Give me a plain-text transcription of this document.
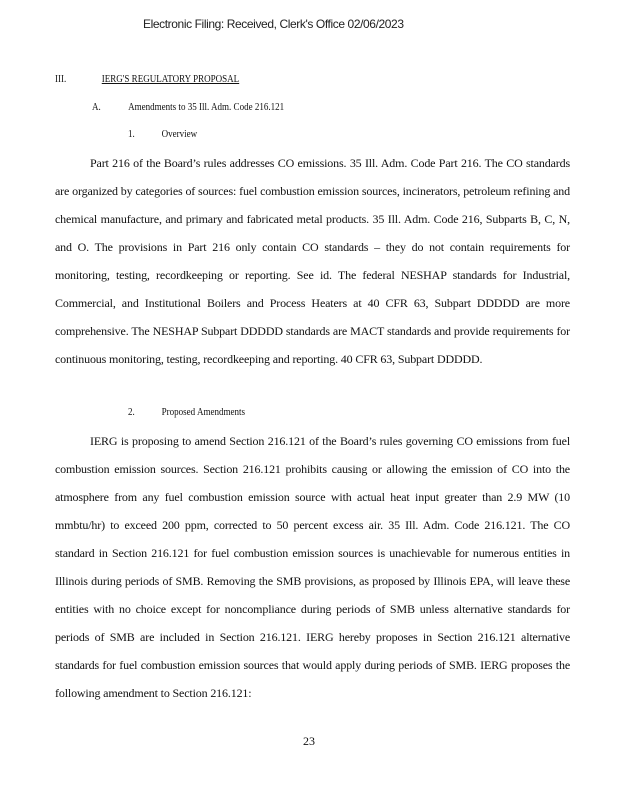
Electronic Filing: Received, Clerk's Office 02/06/2023
III.	IERG'S REGULATORY PROPOSAL
A. Amendments to 35 Ill. Adm. Code 216.121
1. Overview

Part 216 of the Board’s rules addresses CO emissions. 35 Ill. Adm. Code Part 216. The CO standards are organized by categories of sources: fuel combustion emission sources, incinerators, petroleum refining and chemical manufacture, and primary and fabricated metal products. 35 Ill. Adm. Code 216, Subparts B, C, N, and O. The provisions in Part 216 only contain CO standards – they do not contain requirements for monitoring, testing, recordkeeping or reporting. See id. The federal NESHAP standards for Industrial, Commercial, and Institutional Boilers and Process Heaters at 40 CFR 63, Subpart DDDDD are more comprehensive. The NESHAP Subpart DDDDD standards are MACT standards and provide requirements for continuous monitoring, testing, recordkeeping and reporting. 40 CFR 63, Subpart DDDDD.

2. Proposed Amendments

IERG is proposing to amend Section 216.121 of the Board’s rules governing CO emissions from fuel combustion emission sources. Section 216.121 prohibits causing or allowing the emission of CO into the atmosphere from any fuel combustion emission source with actual heat input greater than 2.9 MW (10 mmbtu/hr) to exceed 200 ppm, corrected to 50 percent excess air. 35 Ill. Adm. Code 216.121. The CO standard in Section 216.121 for fuel combustion emission sources is unachievable for numerous entities in Illinois during periods of SMB. Removing the SMB provisions, as proposed by Illinois EPA, will leave these entities with no choice except for noncompliance during periods of SMB unless alternative standards for periods of SMB are included in Section 216.121. IERG hereby proposes in Section 216.121 alternative standards for fuel combustion emission sources that would apply during periods of SMB. IERG proposes the following amendment to Section 216.121:

23
